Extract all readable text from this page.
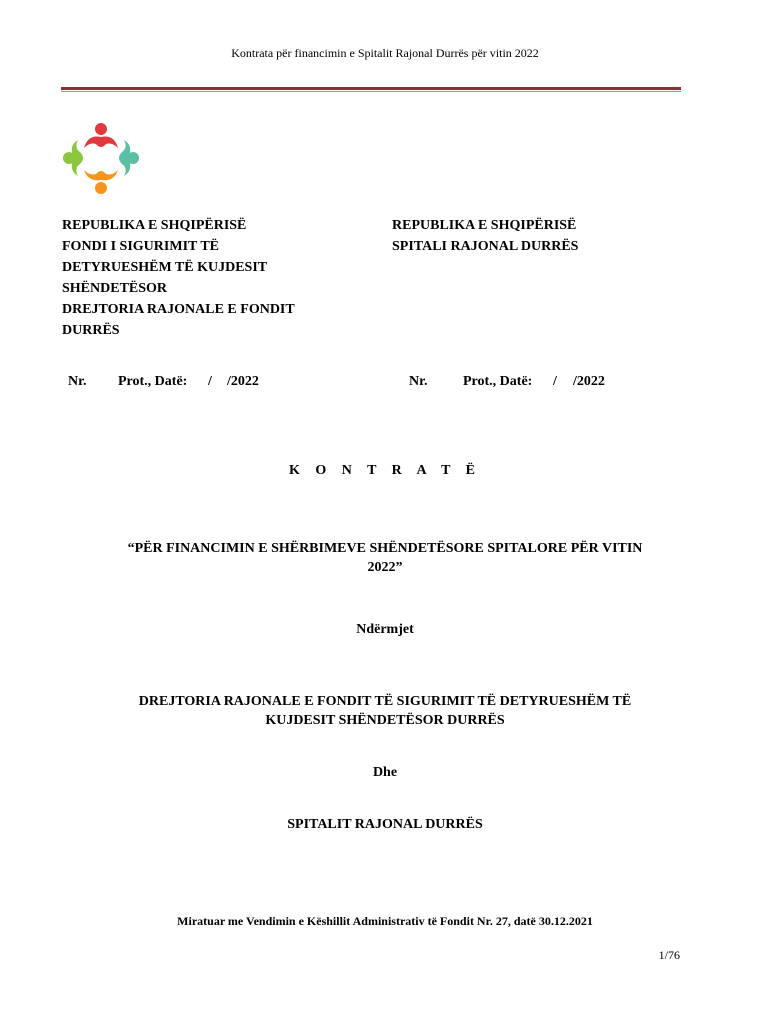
Kontrata për financimin e Spitalit Rajonal Durrës për vitin 2022
REPUBLIKA E SHQIPËRISË
FONDI I SIGURIMIT TË
DETYRUESHËM TË KUJDESIT
SHËNDETËSOR
DREJTORIA RAJONALE E FONDIT
DURRËS
REPUBLIKA E SHQIPËRISË
SPITALI RAJONAL DURRËS
Nr. Prot., Datë: / /2022	Nr.	Prot., Datë: / /2022
K O N T R A T Ë
“PËR FINANCIMIN E SHËRBIMEVE SHËNDETËSORE SPITALORE PËR VITIN
2022”
Ndërmjet
DREJTORIA RAJONALE E FONDIT TË SIGURIMIT TË DETYRUESHËM TË
KUJDESIT SHËNDETËSOR DURRËS
Dhe
SPITALIT RAJONAL DURRËS
Miratuar me Vendimin e Këshillit Administrativ të Fondit Nr. 27, datë 30.12.2021
1/76
